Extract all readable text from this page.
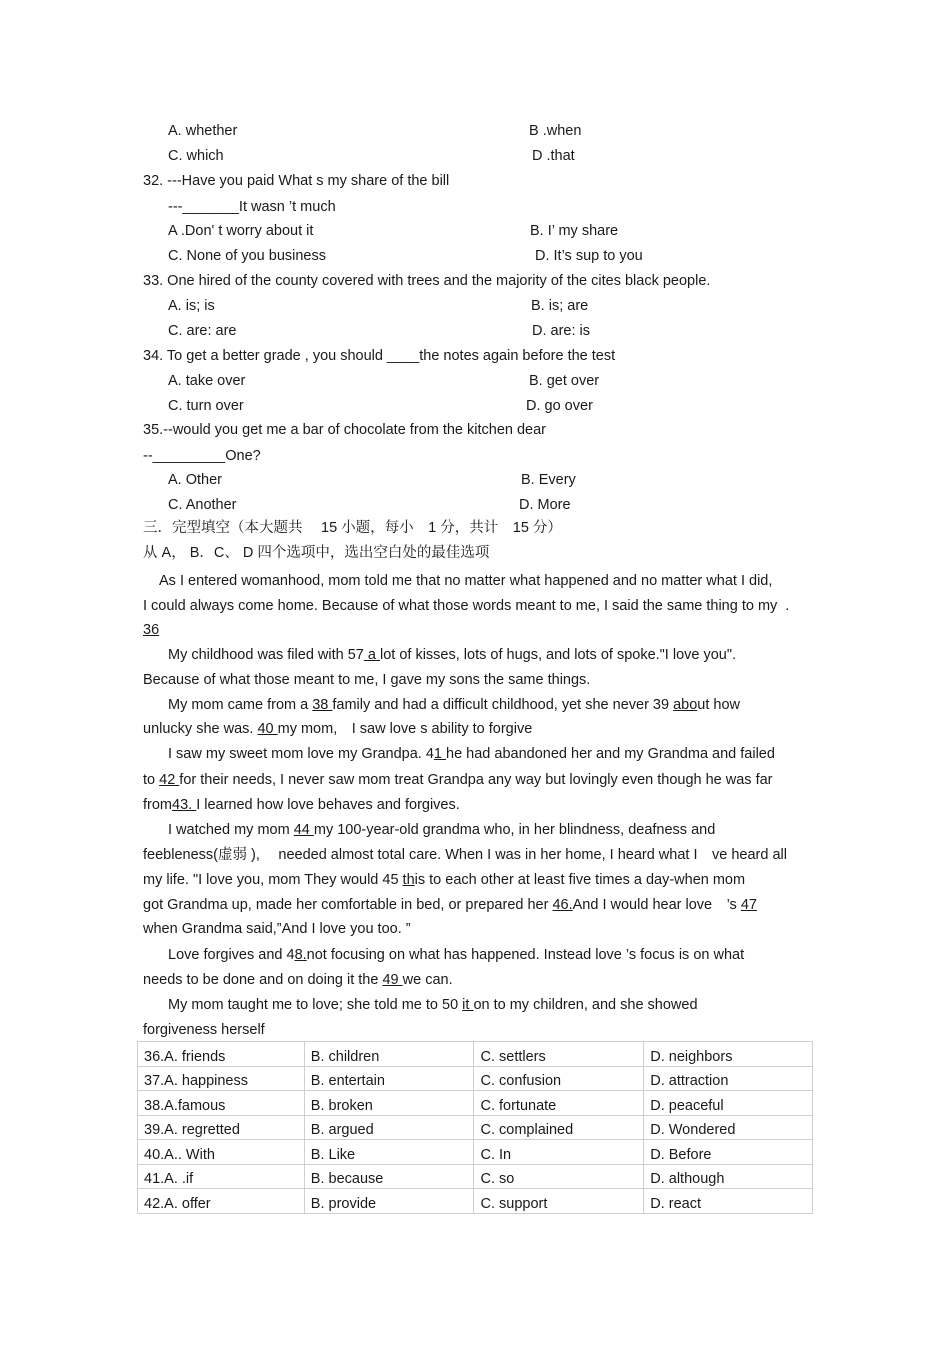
A. whether	B .when
C. which	D .that
32. ---Have you paid What s my share of the bill
---_______It wasn ’t much
A .Don' t worry about it	B. I’ my share
C. None of you business	D. It’s sup to you
33. One hired of the county covered with trees and the majority of the cites black people.
A. is; is	B. is; are
C. are: are	D. are: is
34. To get a better grade , you should ____the notes again before the test
A. take over	B. get over
C. turn over	D. go over
35.--would you get me a bar of chocolate from the kitchen dear
--_________One?
A. Other	B. Every
C. Another	D. More
三．完型填空（本大题共　 15 小题，每小　1 分，共计　15 分）
从 A， B．C、 D 四个选项中，选出空白处的最佳选项
As I entered womanhood, mom told me that no matter what happened and no matter what I did,
I could always come home. Because of what those words meant to me, I said the same thing to my .
36
My childhood was filed with 57 a lot of kisses, lots of hugs, and lots of spoke."I love you".
Because of what those meant to me, I gave my sons the same things.
My mom came from a 38 family and had a difficult childhood, yet she never 39 about how
unlucky she was. 40 my mom,　I saw love s ability to forgive
I saw my sweet mom love my Grandpa. 41 he had abandoned her and my Grandma and failed
to 42 for their needs, I never saw mom treat Grandpa any way but lovingly even though he was far
from43. I learned how love behaves and forgives.
I watched my mom 44 my 100-year-old grandma who, in her blindness, deafness and
feebleness(虚弱 ),　 needed almost total care. When I was in her home, I heard what I　ve heard all
my life. "I love you, mom They would 45 this to each other at least five times a day-when mom
got Grandma up, made her comfortable in bed, or prepared her 46.And I would hear love　’s 47
when Grandma said,”And I love you too. ”
Love forgives and 48.not focusing on what has happened. Instead love ’s focus is on what
needs to be done and on doing it the 49 we can.
My mom taught me to love; she told me to 50 it on to my children, and she showed
forgiveness herself
36.A. friends	B. children	C. settlers	D. neighbors
37.A. happiness	B. entertain	C. confusion	D. attraction
38.A.famous	B. broken	C. fortunate	D. peaceful
39.A. regretted	B. argued	C. complained	D. Wondered
40.A.. With	B. Like	C. In	D. Before
41.A. .if	B. because	C. so	D. although
42.A. offer	B. provide	C. support	D. react
